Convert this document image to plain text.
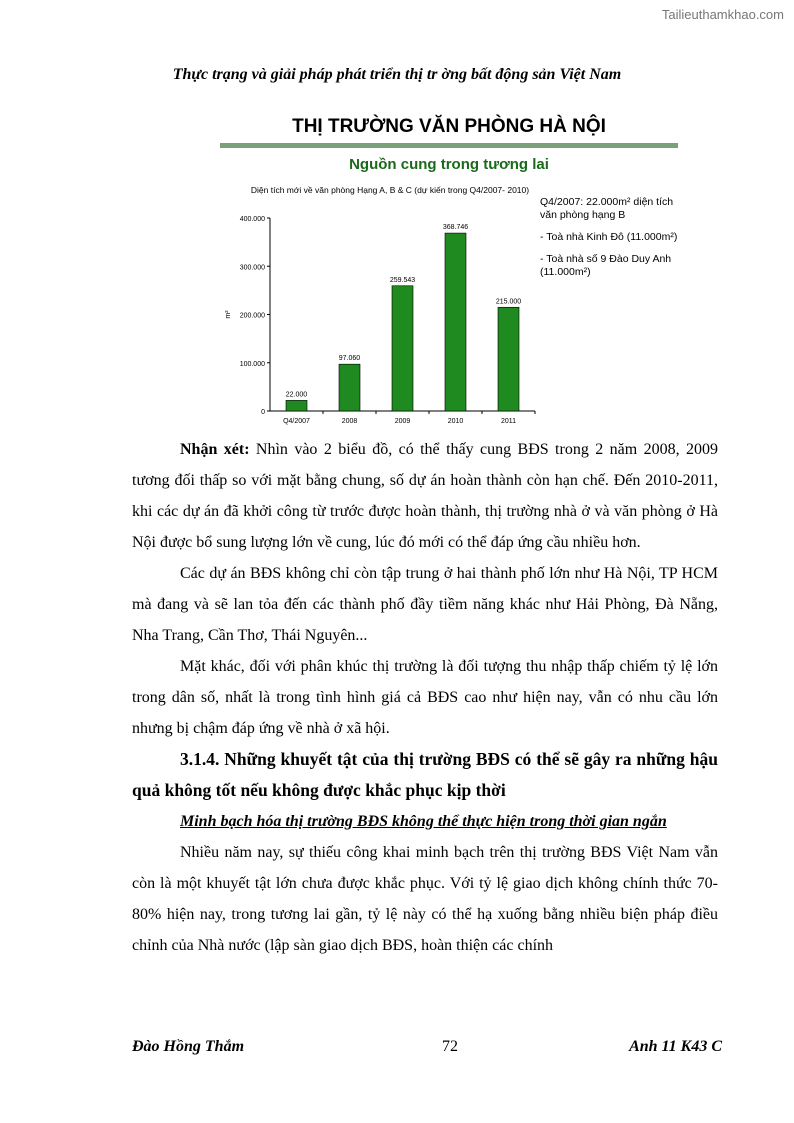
Tailieuthamkhao.com
Thực trạng và giải pháp phát triển thị tr ờng bất động sản Việt Nam
THỊ TRƯỜNG VĂN PHÒNG HÀ NỘI
Nguồn cung trong tương lai
Diện tích mới về văn phòng Hạng A, B & C (dự kiến trong Q4/2007- 2010)
0
100.000
200.000
300.000
400.000
m²
22.000
Q4/2007
97.060
2008
259.543
2009
368.746
2010
215.000
2011

Q4/2007: 22.000m² diện tích văn phòng hạng B

- Toà nhà Kinh Đô (11.000m²)

- Toà nhà số 9 Đào Duy Anh (11.000m²)

Nhận xét: Nhìn vào 2 biểu đồ, có thể thấy cung BĐS trong 2 năm 2008, 2009 tương đối thấp so với mặt bằng chung, số dự án hoàn thành còn hạn chế. Đến 2010-2011, khi các dự án đã khởi công từ trước được hoàn thành, thị trường nhà ở và văn phòng ở Hà Nội được bổ sung lượng lớn về cung, lúc đó mới có thể đáp ứng cầu nhiều hơn.

Các dự án BĐS không chỉ còn tập trung ở hai thành phố lớn như Hà Nội, TP HCM mà đang và sẽ lan tỏa đến các thành phố đầy tiềm năng khác như Hải Phòng, Đà Nẵng, Nha Trang, Cần Thơ, Thái Nguyên...

Mặt khác, đối với phân khúc thị trường là đối tượng thu nhập thấp chiếm tỷ lệ lớn trong dân số, nhất là trong tình hình giá cả BĐS cao như hiện nay, vẫn có nhu cầu lớn nhưng bị chậm đáp ứng về nhà ở xã hội.

3.1.4. Những khuyết tật của thị trường BĐS có thể sẽ gây ra những hậu quả không tốt nếu không được khắc phục kịp thời

Minh bạch hóa thị trường BĐS không thể thực hiện trong thời gian ngắn

Nhiều năm nay, sự thiếu công khai minh bạch trên thị trường BĐS Việt Nam vẫn còn là một khuyết tật lớn chưa được khắc phục. Với tỷ lệ giao dịch không chính thức 70-80% hiện nay, trong tương lai gần, tỷ lệ này có thể hạ xuống bằng nhiều biện pháp điều chỉnh của Nhà nước (lập sàn giao dịch BĐS, hoàn thiện các chính

Đào Hồng Thắm	72	Anh 11 K43 C
